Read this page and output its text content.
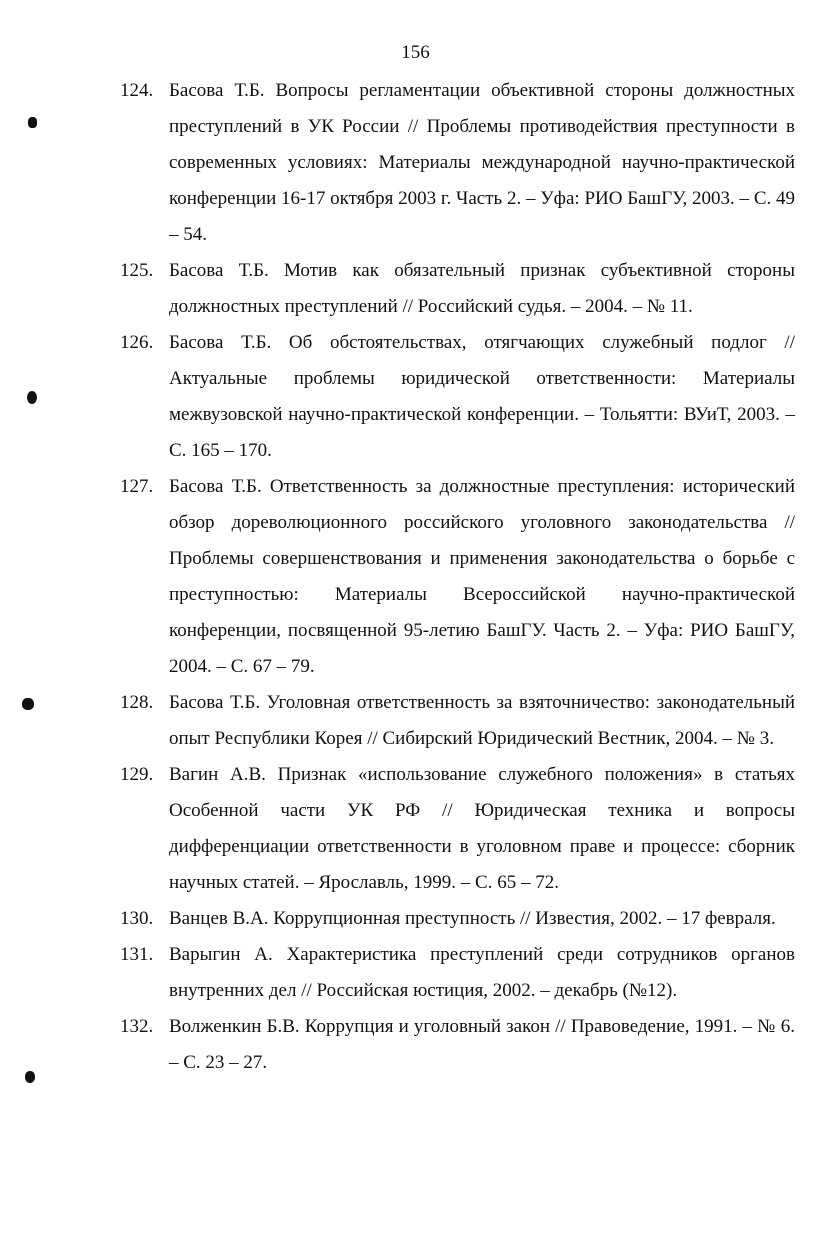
156
124. Басова Т.Б. Вопросы регламентации объективной стороны должностных преступлений в УК России // Проблемы противодействия преступности в современных условиях: Материалы международной научно-практической конференции 16-17 октября 2003 г. Часть 2. – Уфа: РИО БашГУ, 2003. – С. 49 – 54.
125. Басова Т.Б. Мотив как обязательный признак субъективной стороны должностных преступлений // Российский судья. – 2004. – № 11.
126. Басова Т.Б. Об обстоятельствах, отягчающих служебный подлог // Актуальные проблемы юридической ответственности: Материалы межвузовской научно-практической конференции. – Тольятти: ВУиТ, 2003. – С. 165 – 170.
127. Басова Т.Б. Ответственность за должностные преступления: исторический обзор дореволюционного российского уголовного законодательства // Проблемы совершенствования и применения законодательства о борьбе с преступностью: Материалы Всероссийской научно-практической конференции, посвященной 95-летию БашГУ. Часть 2. – Уфа: РИО БашГУ, 2004. – С. 67 – 79.
128. Басова Т.Б. Уголовная ответственность за взяточничество: законодательный опыт Республики Корея // Сибирский Юридический Вестник, 2004. – № 3.
129. Вагин А.В. Признак «использование служебного положения» в статьях Особенной части УК РФ // Юридическая техника и вопросы дифференциации ответственности в уголовном праве и процессе: сборник научных статей. – Ярославль, 1999. – С. 65 – 72.
130. Ванцев В.А. Коррупционная преступность // Известия, 2002. – 17 февраля.
131. Варыгин А. Характеристика преступлений среди сотрудников органов внутренних дел // Российская юстиция, 2002. – декабрь (№12).
132. Волженкин Б.В. Коррупция и уголовный закон // Правоведение, 1991. – № 6. – С. 23 – 27.
